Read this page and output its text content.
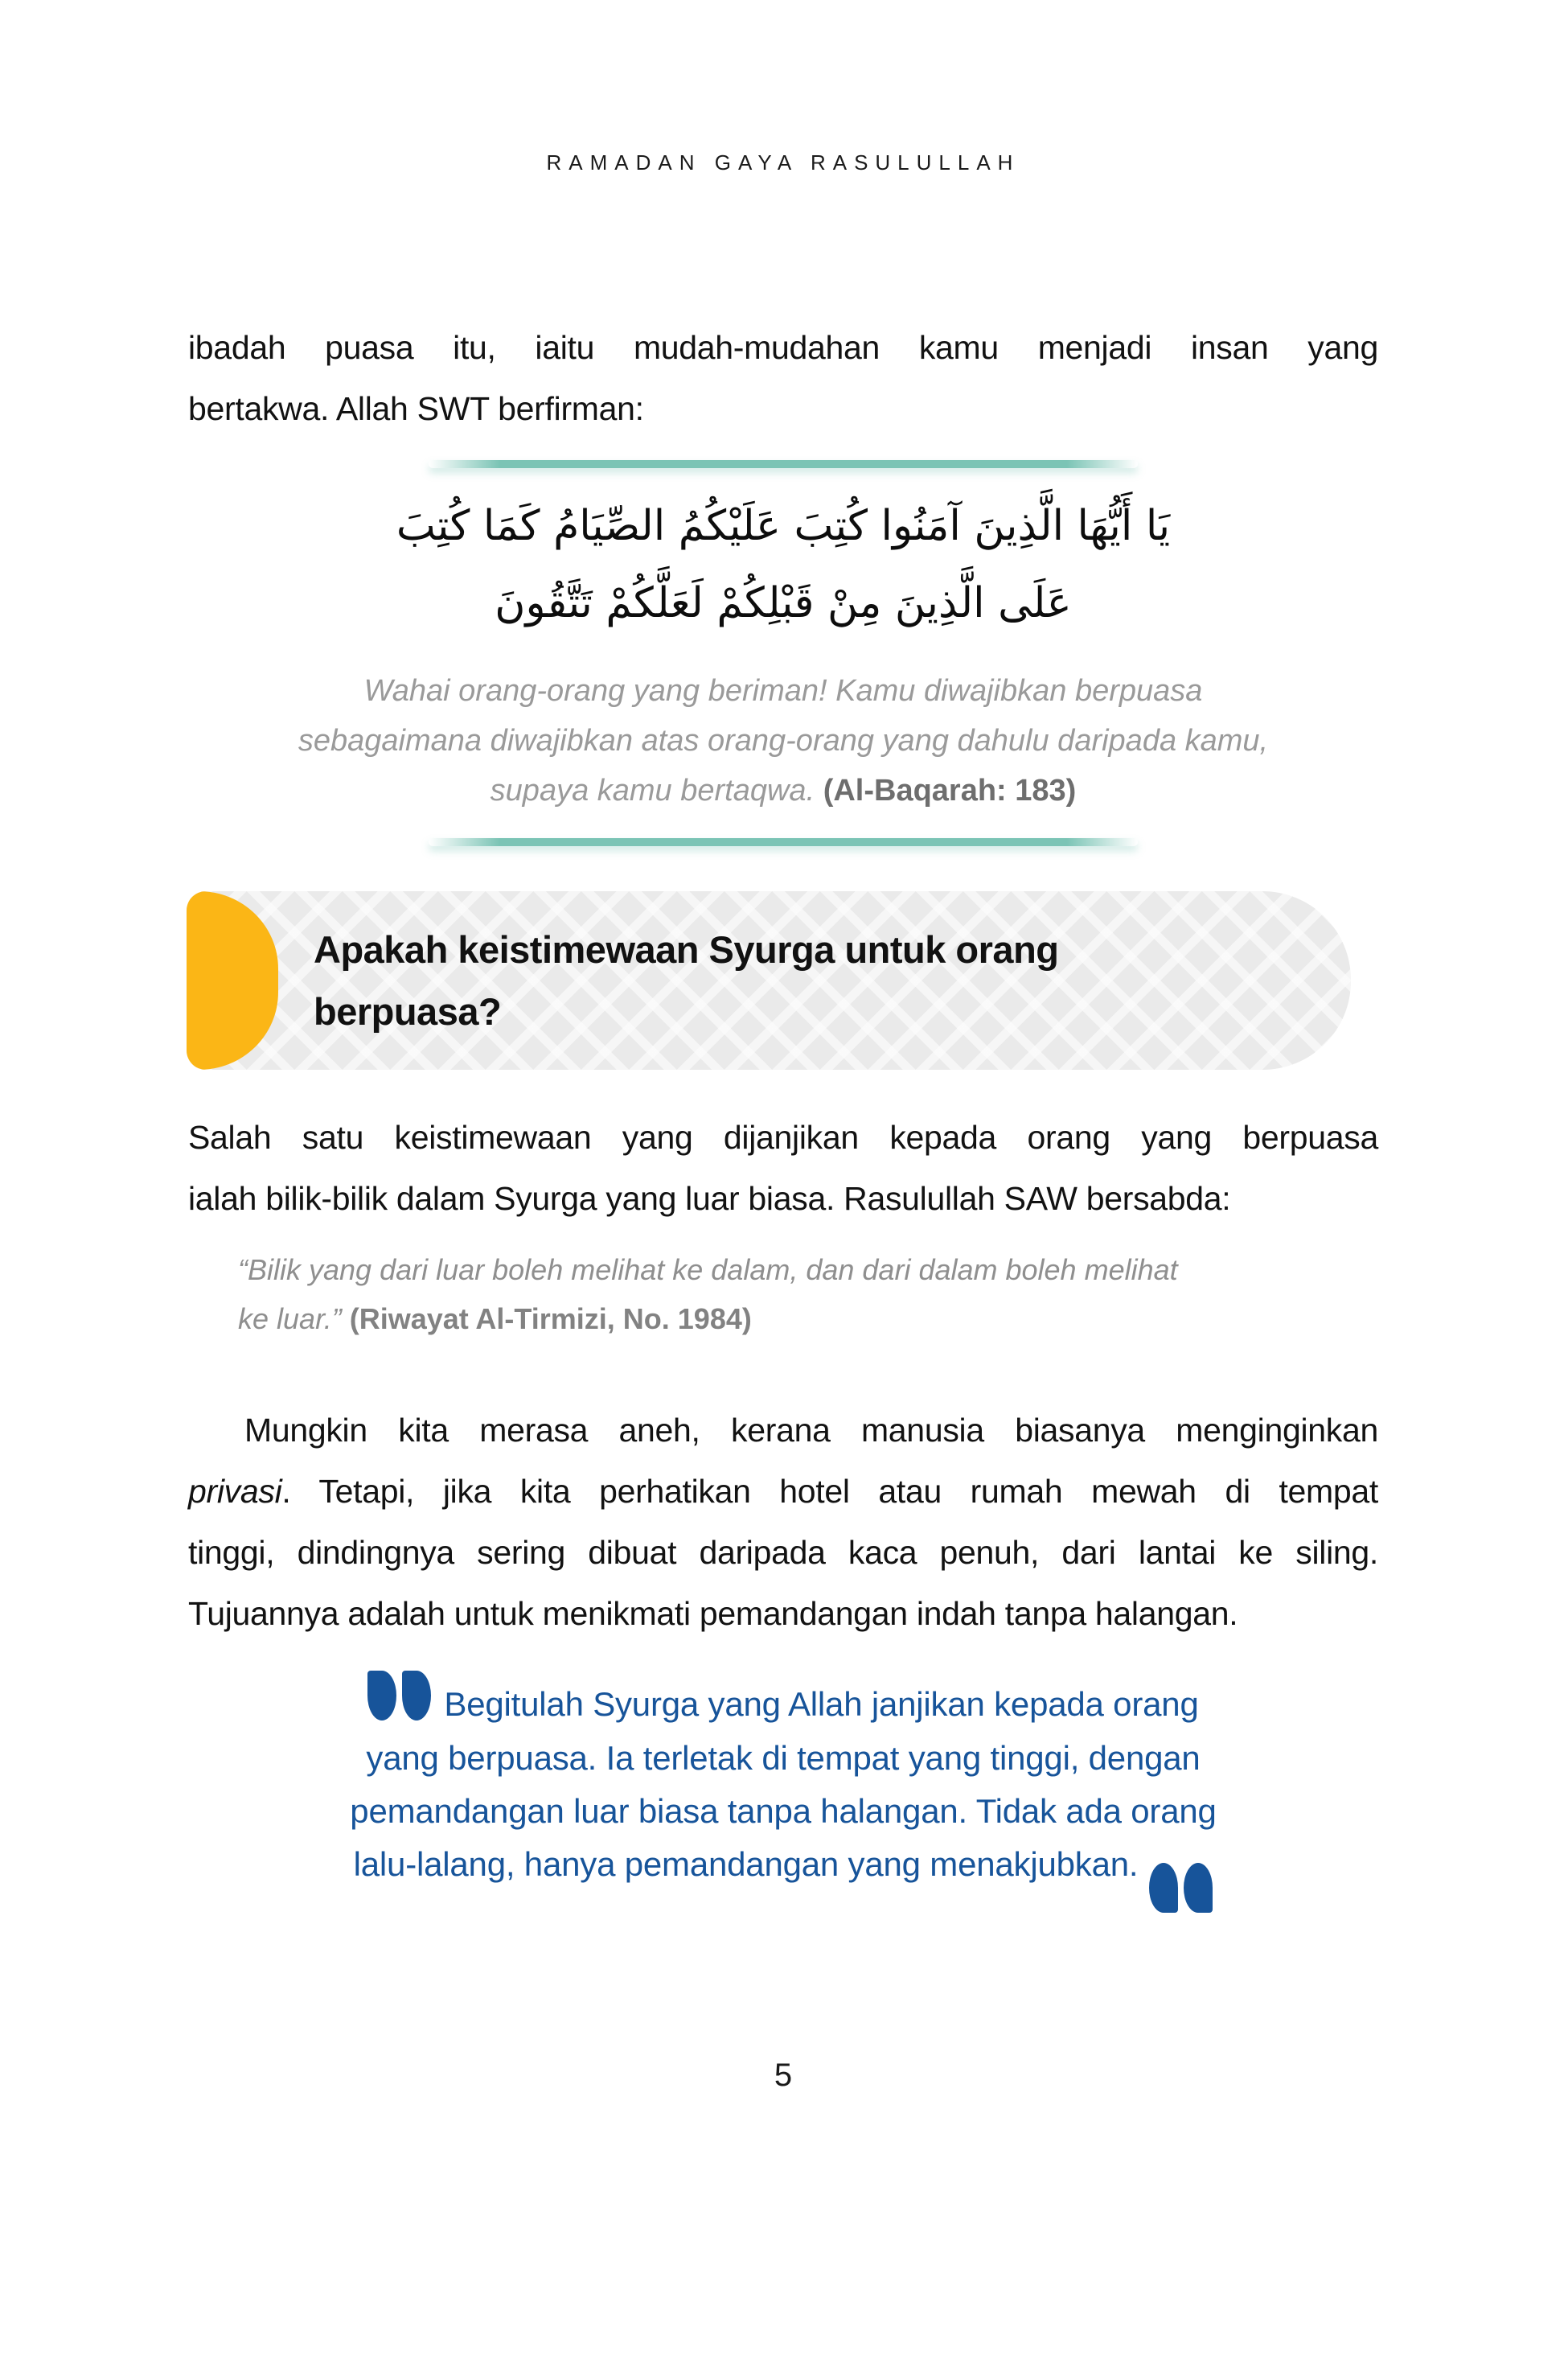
RAMADAN GAYA RASULULLAH
ibadah puasa itu, iaitu mudah-mudahan kamu menjadi insan yang
bertakwa. Allah SWT berfirman:
يَا أَيُّهَا الَّذِينَ آمَنُوا كُتِبَ عَلَيْكُمُ الصِّيَامُ كَمَا كُتِبَ
عَلَى الَّذِينَ مِنْ قَبْلِكُمْ لَعَلَّكُمْ تَتَّقُونَ
Wahai orang-orang yang beriman! Kamu diwajibkan berpuasa
sebagaimana diwajibkan atas orang-orang yang dahulu daripada kamu,
supaya kamu bertaqwa. (Al-Baqarah: 183)
Apakah keistimewaan Syurga untuk orang
berpuasa?
Salah satu keistimewaan yang dijanjikan kepada orang yang berpuasa
ialah bilik-bilik dalam Syurga yang luar biasa. Rasulullah SAW bersabda:
“Bilik yang dari luar boleh melihat ke dalam, dan dari dalam boleh melihat
ke luar.” (Riwayat Al-Tirmizi, No. 1984)
Mungkin kita merasa aneh, kerana manusia biasanya menginginkan
privasi. Tetapi, jika kita perhatikan hotel atau rumah mewah di tempat
tinggi, dindingnya sering dibuat daripada kaca penuh, dari lantai ke siling.
Tujuannya adalah untuk menikmati pemandangan indah tanpa halangan.
Begitulah Syurga yang Allah janjikan kepada orang
yang berpuasa. Ia terletak di tempat yang tinggi, dengan
pemandangan luar biasa tanpa halangan. Tidak ada orang
lalu-lalang, hanya pemandangan yang menakjubkan.
5
